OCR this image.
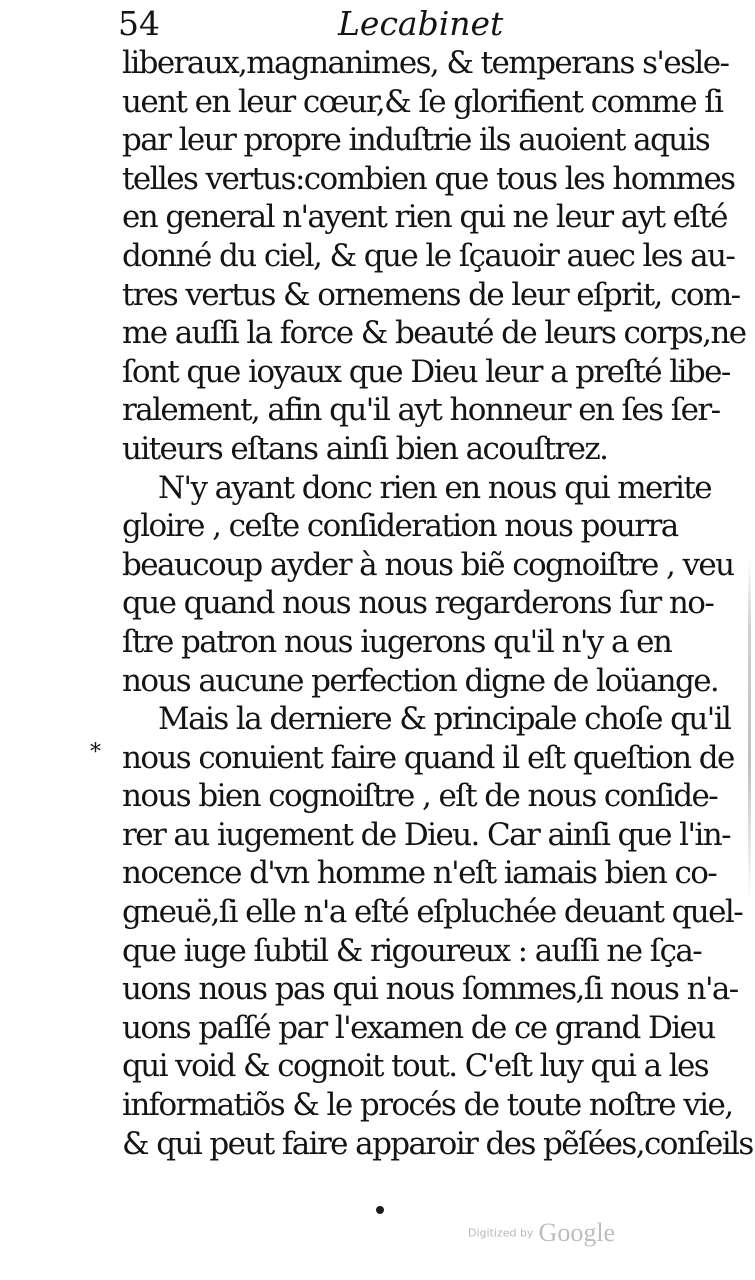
54	Lecabinet
*
liberaux,magnanimes, & temperans s'esle-
uent en leur cœur,& ſe glorifient comme ſi
par leur propre induſtrie ils auoient aquis
telles vertus:combien que tous les hommes
en general n'ayent rien qui ne leur ayt eſté
donné du ciel, & que le ſçauoir auec les au-
tres vertus & ornemens de leur eſprit, com-
me auſſi la force & beauté de leurs corps,ne
ſont que ioyaux que Dieu leur a preſté libe-
ralement, afin qu'il ayt honneur en ſes ſer-
uiteurs eſtans ainſi bien acouſtrez.
N'y ayant donc rien en nous qui merite
gloire , ceſte conſideration nous pourra
beaucoup ayder à nous biẽ cognoiſtre , veu
que quand nous nous regarderons ſur no-
ſtre patron nous iugerons qu'il n'y a en
nous aucune perfection digne de loüange.
Mais la derniere & principale choſe qu'il
nous conuient faire quand il eſt queſtion de
nous bien cognoiſtre , eſt de nous conſide-
rer au iugement de Dieu. Car ainſi que l'in-
nocence d'vn homme n'eſt iamais bien co-
gneuë,ſi elle n'a eſté eſpluchée deuant quel-
que iuge ſubtil & rigoureux : auſſi ne ſça-
uons nous pas qui nous ſommes,ſi nous n'a-
uons paſſé par l'examen de ce grand Dieu
qui void & cognoit tout. C'eſt luy qui a les
informatiõs & le procés de toute noſtre vie,
& qui peut faire apparoir des pẽſées,conſeils
Digitized by Google
